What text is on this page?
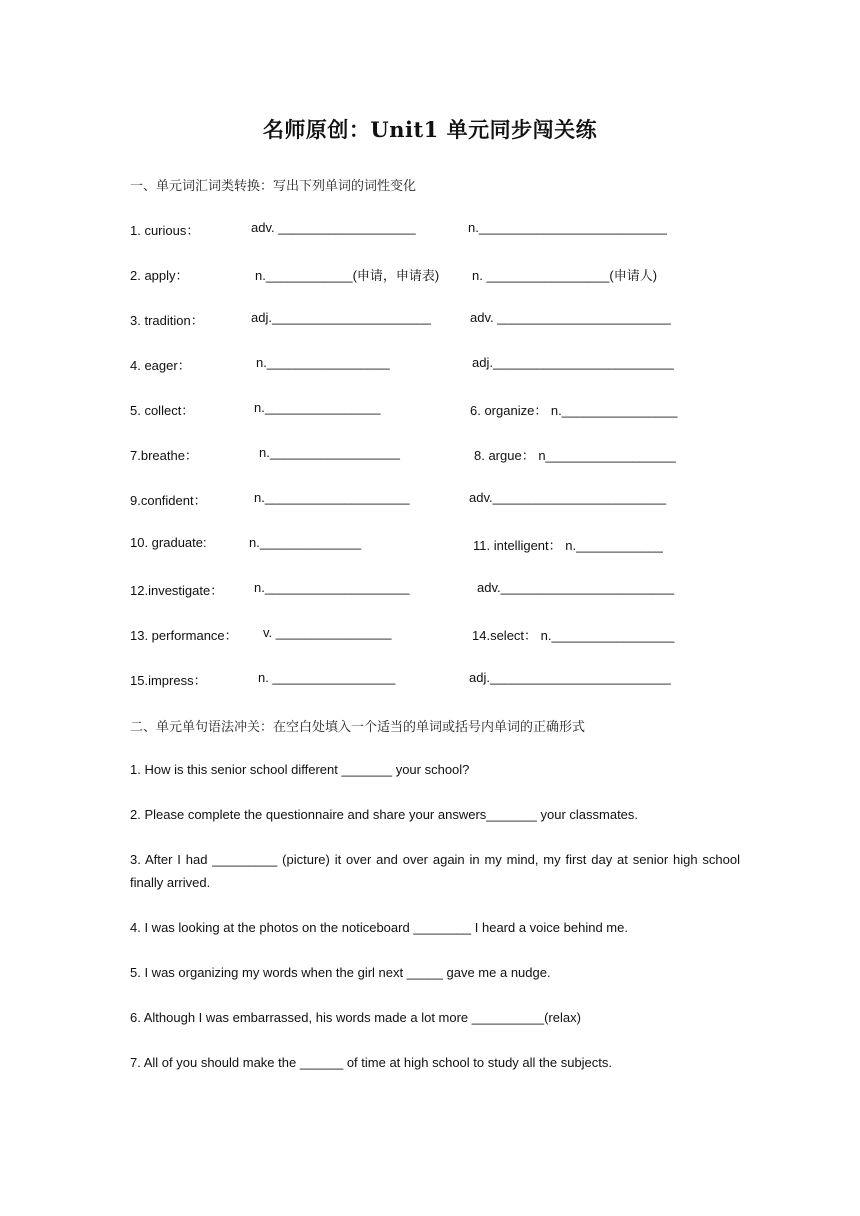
名师原创：Unit1 单元同步闯关练
一、单元词汇词类转换：写出下列单词的词性变化
1. curious：	adv. ___________________	n.__________________________
2. apply：	n.____________(申请，申请表)	n. _________________(申请人)
3. tradition：	adj.______________________	adv. ________________________
4. eager：	n._________________	adj._________________________
5. collect：	n.________________	6. organize： n.________________
7.breathe：	n.__________________	8. argue： n__________________
9.confident：	n.____________________	adv.________________________
10. graduate:	n.______________	11. intelligent： n.____________
12.investigate： n.____________________	adv.________________________
13. performance： v. ________________	14.select： n._________________
15.impress：	n. _________________	adj._________________________
二、单元单句语法冲关：在空白处填入一个适当的单词或括号内单词的正确形式
1. How is this senior school different _______ your school?
2. Please complete the questionnaire and share your answers_______ your classmates.
3. After I had _________ (picture) it over and over again in my mind, my first day at senior high school finally arrived.
4. I was looking at the photos on the noticeboard ________ I heard a voice behind me.
5. I was organizing my words when the girl next _____ gave me a nudge.
6. Although I was embarrassed, his words made a lot more __________(relax)
7. All of you should make the ______ of time at high school to study all the subjects.
